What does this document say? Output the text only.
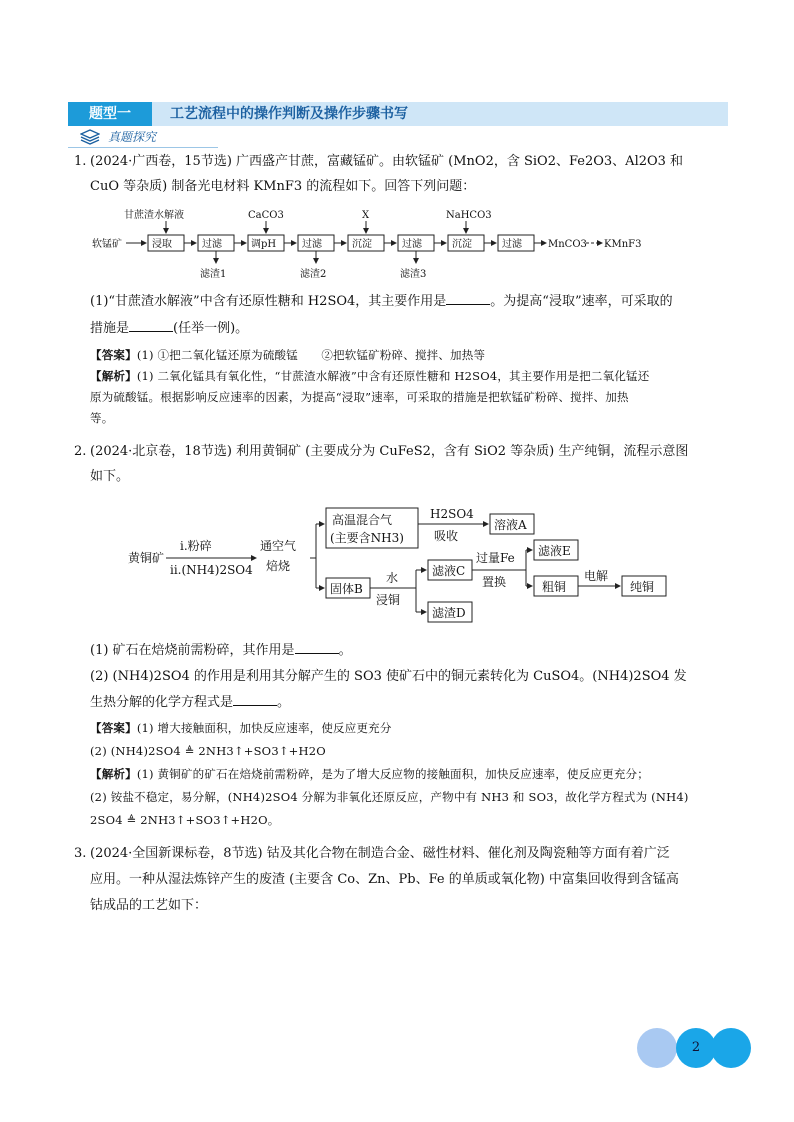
题型一	工艺流程中的操作判断及操作步骤书写
真题探究
1. (2024·广西卷，15节选) 广西盛产甘蔗，富藏锰矿。由软锰矿 (MnO2，含 SiO2、Fe2O3、Al2O3 和
CuO 等杂质) 制备光电材料 KMnF3 的流程如下。回答下列问题：
软锰矿	浸取	过滤	调pH	过滤	沉淀	过滤	沉淀	过滤	MnCO3 KMnF3
甘蔗渣水解液	CaCO3	X	NaHCO3
滤渣1	滤渣2	滤渣3
(1)“甘蔗渣水解液”中含有还原性糖和 H2SO4，其主要作用是	。为提高“浸取”速率，可采取的
措施是	(任举一例)。
【答案】(1) ①把二氧化锰还原为硫酸锰　　②把软锰矿粉碎、搅拌、加热等
【解析】(1) 二氧化锰具有氧化性，“甘蔗渣水解液”中含有还原性糖和 H2SO4，其主要作用是把二氧化锰还
原为硫酸锰。根据影响反应速率的因素，为提高“浸取”速率，可采取的措施是把软锰矿粉碎、搅拌、加热
等。
2. (2024·北京卷，18节选) 利用黄铜矿 (主要成分为 CuFeS2，含有 SiO2 等杂质) 生产纯铜，流程示意图
如下。
黄铜矿
i.粉碎
ii.(NH4)2SO4
通空气
焙烧
高温混合气
(主要含NH3)
H2SO4
吸收
溶液A
固体B
水
浸铜
滤液C
滤渣D
过量Fe
置换
滤液E
粗铜
电解
纯铜
(1) 矿石在焙烧前需粉碎，其作用是	。
(2) (NH4)2SO4 的作用是利用其分解产生的 SO3 使矿石中的铜元素转化为 CuSO4。(NH4)2SO4 发
生热分解的化学方程式是	。
【答案】(1) 增大接触面积，加快反应速率，使反应更充分
(2) (NH4)2SO4 ≜ 2NH3↑+SO3↑+H2O
【解析】(1) 黄铜矿的矿石在焙烧前需粉碎，是为了增大反应物的接触面积，加快反应速率，使反应更充分；
(2) 铵盐不稳定，易分解，(NH4)2SO4 分解为非氧化还原反应，产物中有 NH3 和 SO3，故化学方程式为 (NH4)
2SO4 ≜ 2NH3↑+SO3↑+H2O。
3. (2024·全国新课标卷，8节选) 钴及其化合物在制造合金、磁性材料、催化剂及陶瓷釉等方面有着广泛
应用。一种从湿法炼锌产生的废渣 (主要含 Co、Zn、Pb、Fe 的单质或氧化物) 中富集回收得到含锰高
钴成品的工艺如下：
2
